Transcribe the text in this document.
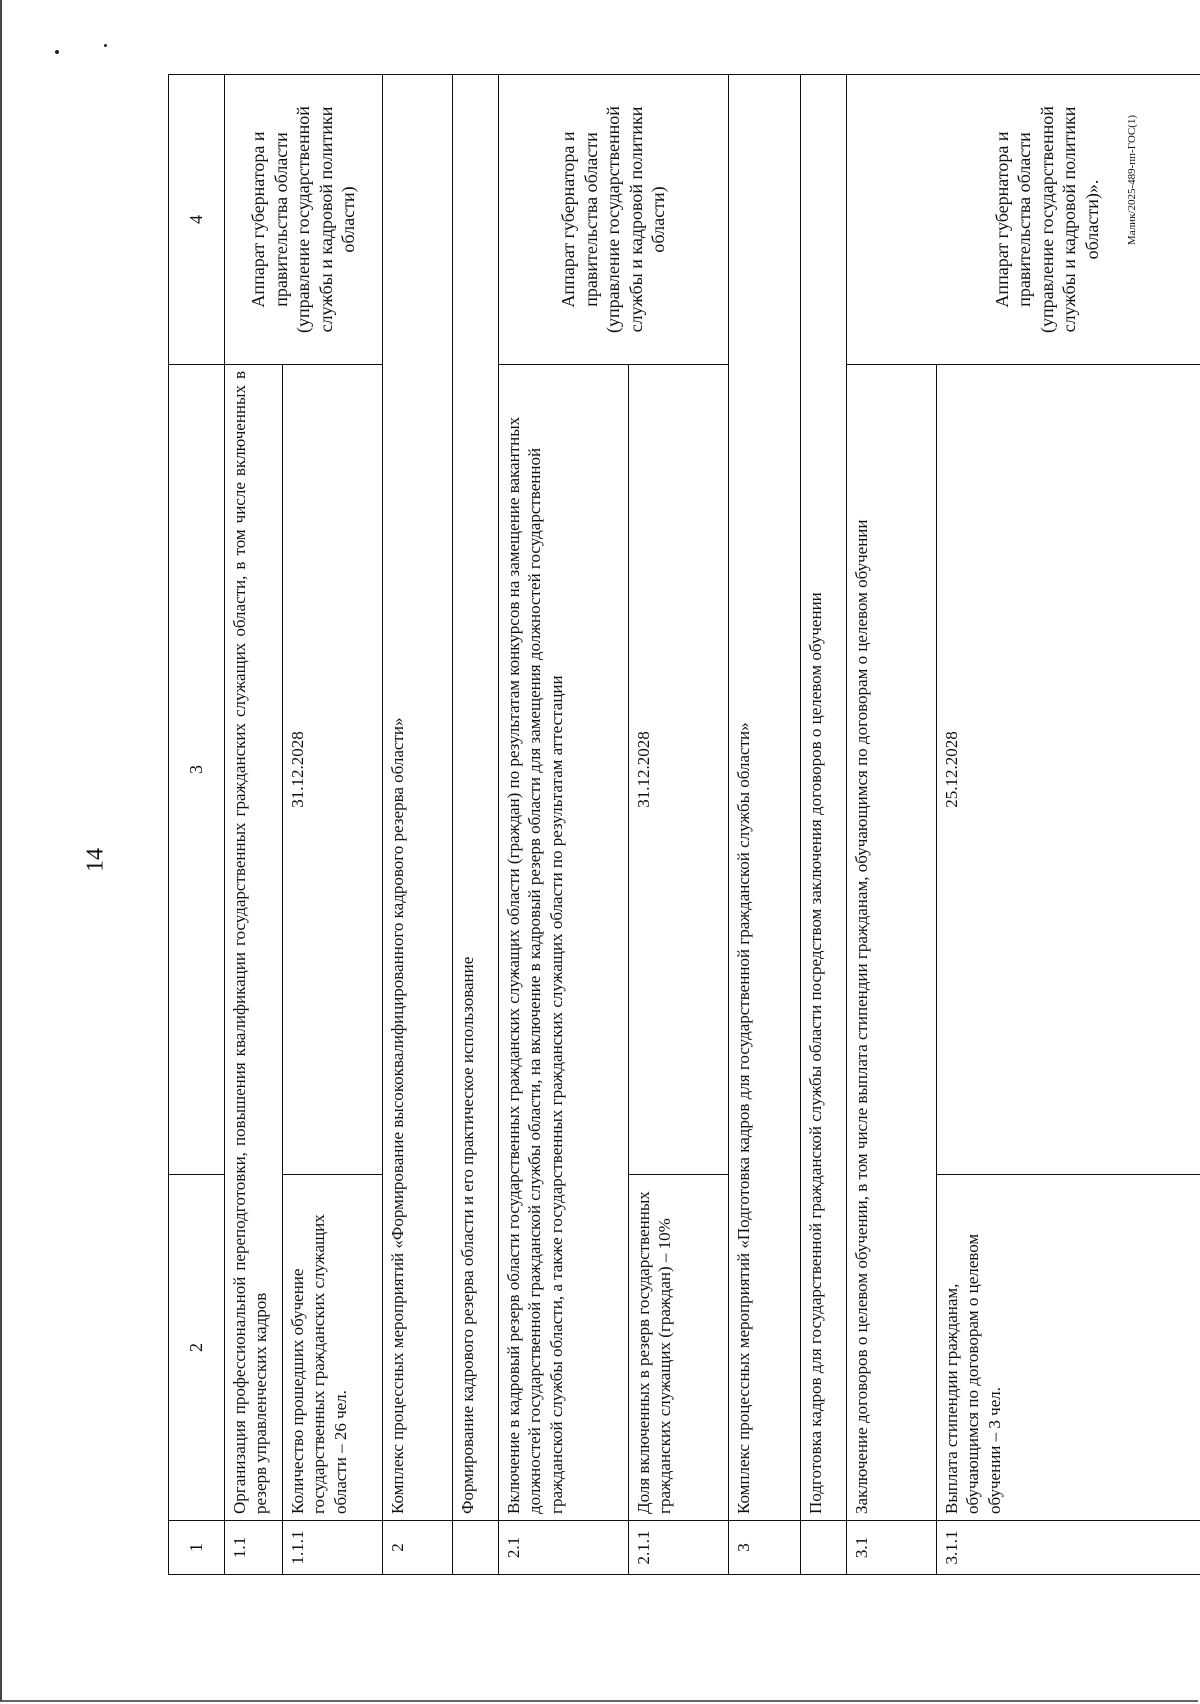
14
1	2	3	4
1.1	Организация профессиональной переподготовки, повышения квалификации государственных гражданских служащих области, в том числе включенных в резерв управленческих кадров		Аппарат губернатора и правительства области (управление государственной службы и кадровой политики области)
1.1.1	Количество прошедших обучение государственных гражданских служащих области – 26 чел.	31.12.2028	
2	Комплекс процессных мероприятий «Формирование высококвалифицированного кадрового резерва области»		
	Формирование кадрового резерва области и его практическое использование		
2.1	Включение в кадровый резерв области государственных гражданских служащих области (граждан) по результатам конкурсов на замещение вакантных должностей государственной гражданской службы области, на включение в кадровый резерв области для замещения должностей государственной гражданской службы области, а также государственных гражданских служащих области по результатам аттестации		Аппарат губернатора и правительства области (управление государственной службы и кадровой политики области)
2.1.1	Доля включенных в резерв государственных гражданских служащих (граждан) – 10%	31.12.2028	
3	Комплекс процессных мероприятий «Подготовка кадров для государственной гражданской службы области»		
	Подготовка кадров для государственной гражданской службы области посредством заключения договоров о целевом обучении		
3.1	Заключение договоров о целевом обучении, в том числе выплата стипендии гражданам, обучающимся по договорам о целевом обучении		Аппарат губернатора и правительства области (управление государственной службы и кадровой политики области)».
3.1.1	Выплата стипендии гражданам, обучающимся по договорам о целевом обучении – 3 чел.	25.12.2028	
Малик/2025-489-пп-ГОС(1)
